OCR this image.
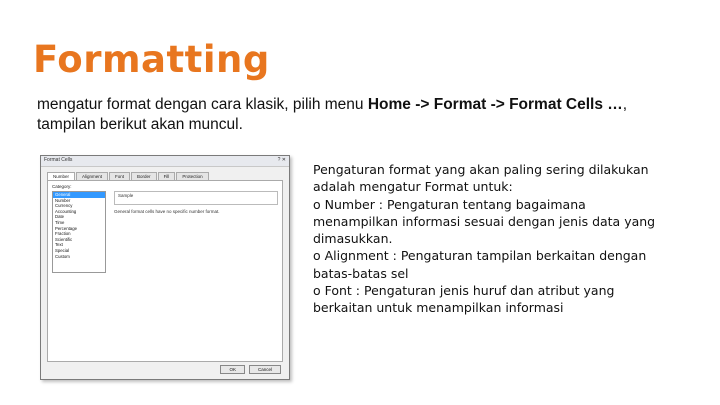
Formatting
mengatur format dengan cara klasik, pilih menu Home -> Format -> Format Cells …, tampilan berikut akan muncul.
Format Cells	? ✕
Number	Alignment	Font	Border	Fill	Protection
Category:
General
Number
Currency
Accounting
Date
Time
Percentage
Fraction
Scientific
Text
Special
Custom
Sample
General format cells have no specific number format.
OK	Cancel

Pengaturan format yang akan paling sering dilakukan adalah mengatur Format untuk:

o Number : Pengaturan tentang bagaimana menampilkan informasi sesuai dengan jenis data yang dimasukkan.

o Alignment : Pengaturan tampilan berkaitan dengan batas-batas sel

o Font : Pengaturan jenis huruf dan atribut yang berkaitan untuk menampilkan informasi
